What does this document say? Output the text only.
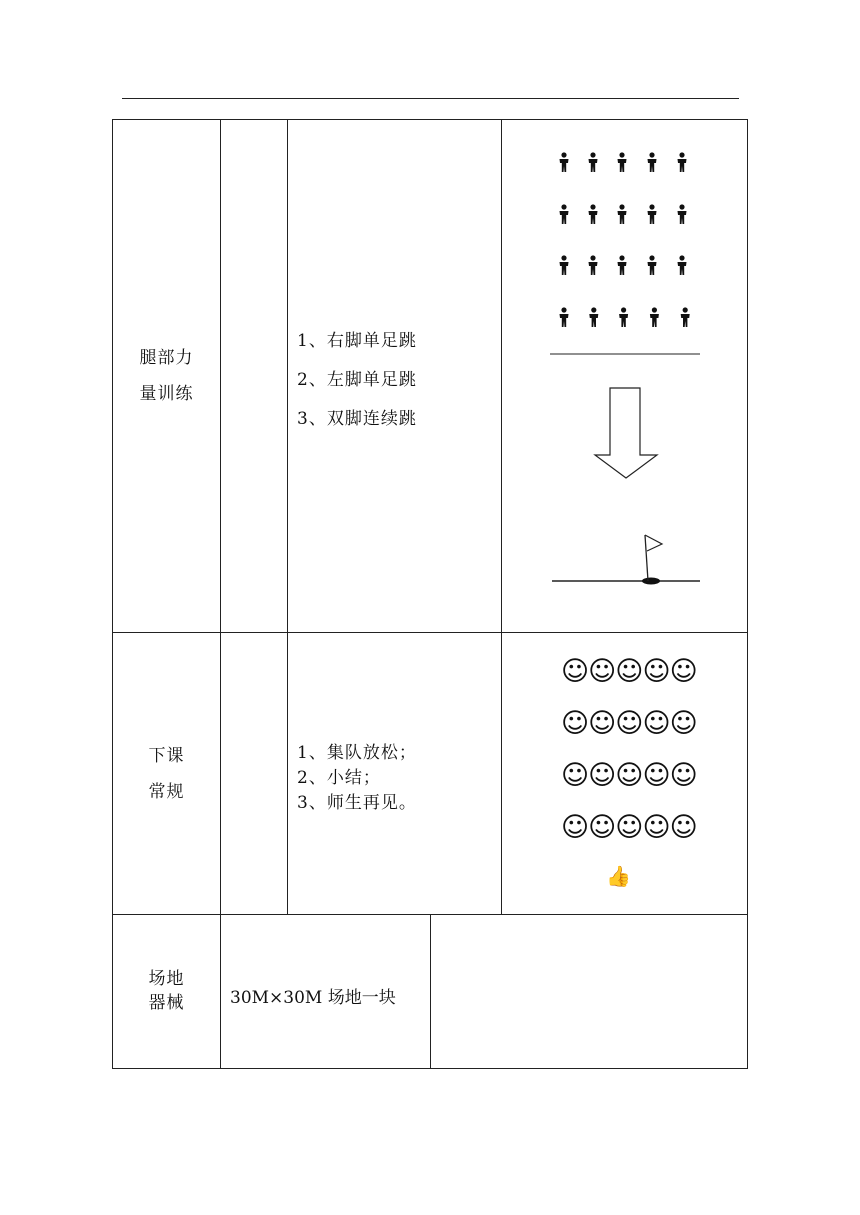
腿部力
量训练
1、右脚单足跳
2、左脚单足跳
3、双脚连续跳
下课
常规
1、集队放松；
2、小结；
3、师生再见。
☺☺☺☺☺
☺☺☺☺☺
☺☺☺☺☺
☺☺☺☺☺
👍
场地
器械	30M×30M 场地一块
